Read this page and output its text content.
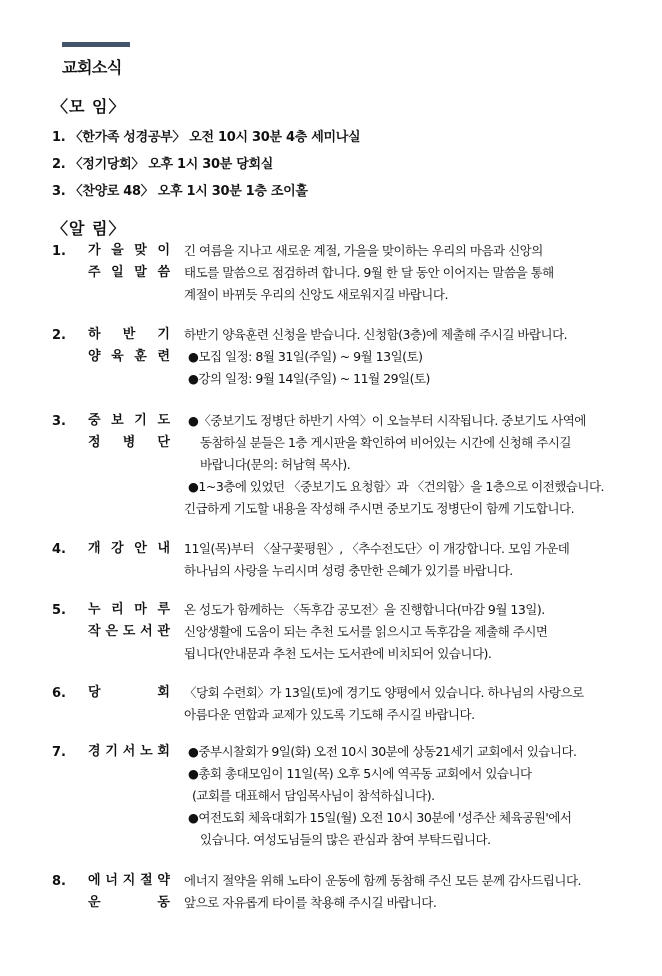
교회소식
〈모 임〉
1. 〈한가족 성경공부〉 오전 10시 30분 4층 세미나실
2. 〈정기당회〉 오후 1시 30분 당회실
3. 〈찬양로 48〉 오후 1시 30분 1층 조이홀
〈알 림〉
1. 가 을 맞 이
주 일 말 씀
긴 여름을 지나고 새로운 계절, 가을을 맞이하는 우리의 마음과 신앙의
태도를 말씀으로 점검하려 합니다. 9월 한 달 동안 이어지는 말씀을 통해
계절이 바뀌듯 우리의 신앙도 새로워지길 바랍니다.
2. 하 반 기
양 육 훈 련
하반기 양육훈련 신청을 받습니다. 신청함(3층)에 제출해 주시길 바랍니다.
●모집 일정: 8월 31일(주일) ~ 9월 13일(토)
●강의 일정: 9월 14일(주일) ~ 11월 29일(토)
3. 중 보 기 도
정 병 단
●〈중보기도 정병단 하반기 사역〉이 오늘부터 시작됩니다. 중보기도 사역에
동참하실 분들은 1층 게시판을 확인하여 비어있는 시간에 신청해 주시길
바랍니다(문의: 허남혁 목사).
●1~3층에 있었던 〈중보기도 요청함〉과 〈건의함〉을 1층으로 이전했습니다.
긴급하게 기도할 내용을 작성해 주시면 중보기도 정병단이 함께 기도합니다.
4. 개 강 안 내 11일(목)부터 〈살구꽃평원〉, 〈추수전도단〉이 개강합니다. 모임 가운데
하나님의 사랑을 누리시며 성령 충만한 은혜가 있기를 바랍니다.
5. 누 리 마 루
작 은 도 서 관
온 성도가 함께하는 〈독후감 공모전〉을 진행합니다(마감 9월 13일).
신앙생활에 도움이 되는 추천 도서를 읽으시고 독후감을 제출해 주시면
됩니다(안내문과 추천 도서는 도서관에 비치되어 있습니다).
6. 당 회 〈당회 수련회〉가 13일(토)에 경기도 양평에서 있습니다. 하나님의 사랑으로
아름다운 연합과 교제가 있도록 기도해 주시길 바랍니다.
7. 경 기 서 노 회 ●중부시찰회가 9일(화) 오전 10시 30분에 상동21세기 교회에서 있습니다.
●총회 총대모임이 11일(목) 오후 5시에 역곡동 교회에서 있습니다
(교회를 대표해서 담임목사님이 참석하십니다).
●여전도회 체육대회가 15일(월) 오전 10시 30분에 '성주산 체육공원'에서
있습니다. 여성도님들의 많은 관심과 참여 부탁드립니다.
8. 에 너 지 절 약
운 동
에너지 절약을 위해 노타이 운동에 함께 동참해 주신 모든 분께 감사드립니다.
앞으로 자유롭게 타이를 착용해 주시길 바랍니다.
